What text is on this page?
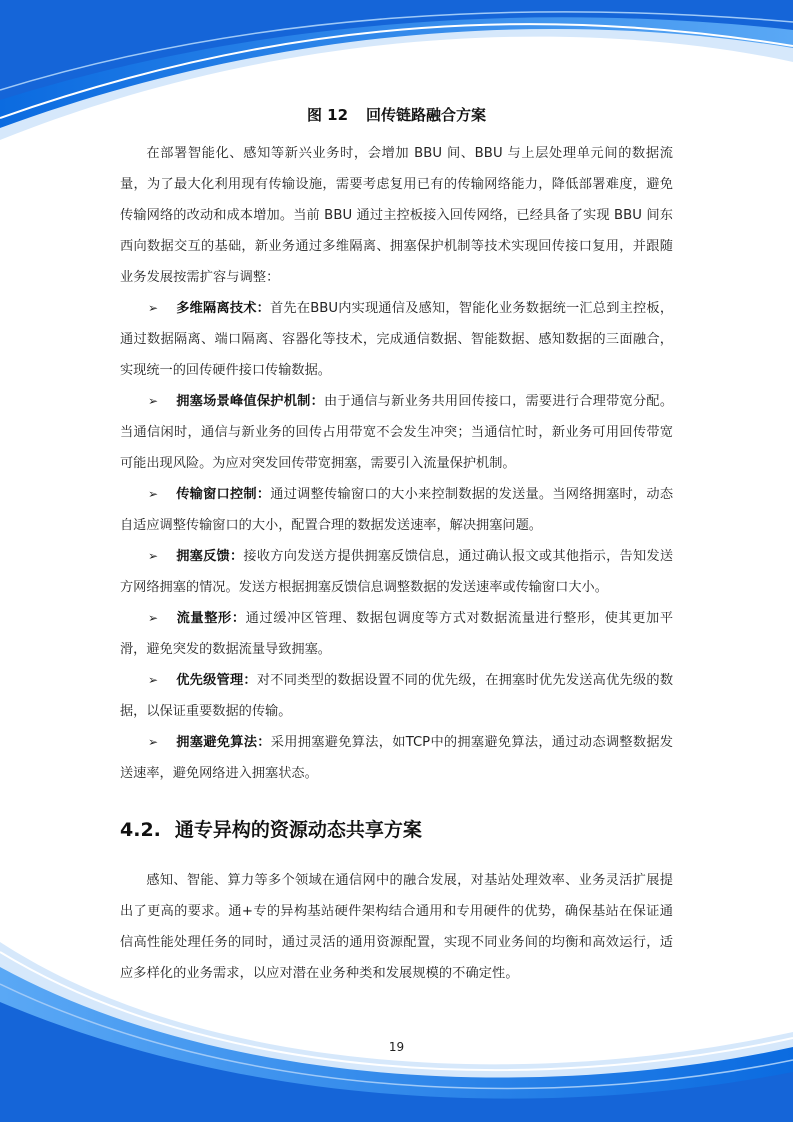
图 12 回传链路融合方案

在部署智能化、感知等新兴业务时，会增加 BBU 间、BBU 与上层处理单元间的数据流量，为了最大化利用现有传输设施，需要考虑复用已有的传输网络能力，降低部署难度，避免传输网络的改动和成本增加。当前 BBU 通过主控板接入回传网络，已经具备了实现 BBU 间东西向数据交互的基础，新业务通过多维隔离、拥塞保护机制等技术实现回传接口复用，并跟随业务发展按需扩容与调整：

➢ 多维隔离技术：首先在BBU内实现通信及感知，智能化业务数据统一汇总到主控板，通过数据隔离、端口隔离、容器化等技术，完成通信数据、智能数据、感知数据的三面融合，实现统一的回传硬件接口传输数据。

➢ 拥塞场景峰值保护机制：由于通信与新业务共用回传接口，需要进行合理带宽分配。当通信闲时，通信与新业务的回传占用带宽不会发生冲突；当通信忙时，新业务可用回传带宽可能出现风险。为应对突发回传带宽拥塞，需要引入流量保护机制。

➢ 传输窗口控制：通过调整传输窗口的大小来控制数据的发送量。当网络拥塞时，动态自适应调整传输窗口的大小，配置合理的数据发送速率，解决拥塞问题。

➢ 拥塞反馈：接收方向发送方提供拥塞反馈信息，通过确认报文或其他指示，告知发送方网络拥塞的情况。发送方根据拥塞反馈信息调整数据的发送速率或传输窗口大小。

➢ 流量整形：通过缓冲区管理、数据包调度等方式对数据流量进行整形，使其更加平滑，避免突发的数据流量导致拥塞。

➢ 优先级管理：对不同类型的数据设置不同的优先级，在拥塞时优先发送高优先级的数据，以保证重要数据的传输。

➢ 拥塞避免算法：采用拥塞避免算法，如TCP中的拥塞避免算法，通过动态调整数据发送速率，避免网络进入拥塞状态。

4.2. 通专异构的资源动态共享方案

感知、智能、算力等多个领域在通信网中的融合发展，对基站处理效率、业务灵活扩展提出了更高的要求。通+专的异构基站硬件架构结合通用和专用硬件的优势，确保基站在保证通信高性能处理任务的同时，通过灵活的通用资源配置，实现不同业务间的均衡和高效运行，适应多样化的业务需求，以应对潜在业务种类和发展规模的不确定性。

19
